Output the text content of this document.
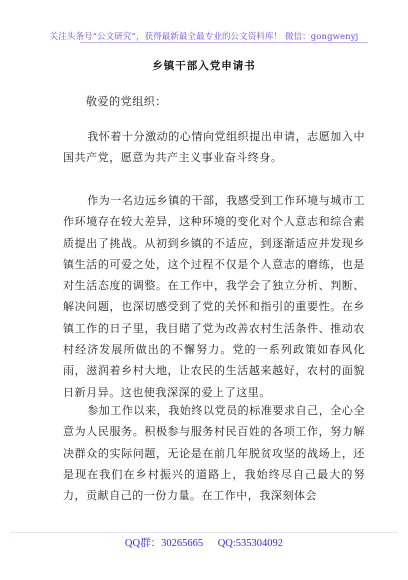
关注头条号“公文研究”，获得最新最全最专业的公文资料库！ 微信：gongwenyj
乡镇干部入党申请书
敬爱的党组织：

我怀着十分激动的心情向党组织提出申请，志愿加入中国共产党，愿意为共产主义事业奋斗终身。

作为一名边远乡镇的干部，我感受到工作环境与城市工作环境存在较大差异，这种环境的变化对个人意志和综合素质提出了挑战。从初到乡镇的不适应，到逐渐适应并发现乡镇生活的可爱之处，这个过程不仅是个人意志的磨练，也是对生活态度的调整。在工作中，我学会了独立分析、判断、解决问题，也深切感受到了党的关怀和指引的重要性。在乡镇工作的日子里，我目睹了党为改善农村生活条件、推动农村经济发展所做出的不懈努力。党的一系列政策如春风化雨，滋润着乡村大地，让农民的生活越来越好，农村的面貌日新月异。这也使我深深的爱上了这里。

参加工作以来，我始终以党员的标准要求自己，全心全意为人民服务。积极参与服务村民百姓的各项工作，努力解决群众的实际问题，无论是在前几年脱贫攻坚的战场上，还是现在我们在乡村振兴的道路上，我始终尽自己最大的努力，贡献自己的一份力量。在工作中，我深刻体会

QQ群：30265665 QQ:535304092
